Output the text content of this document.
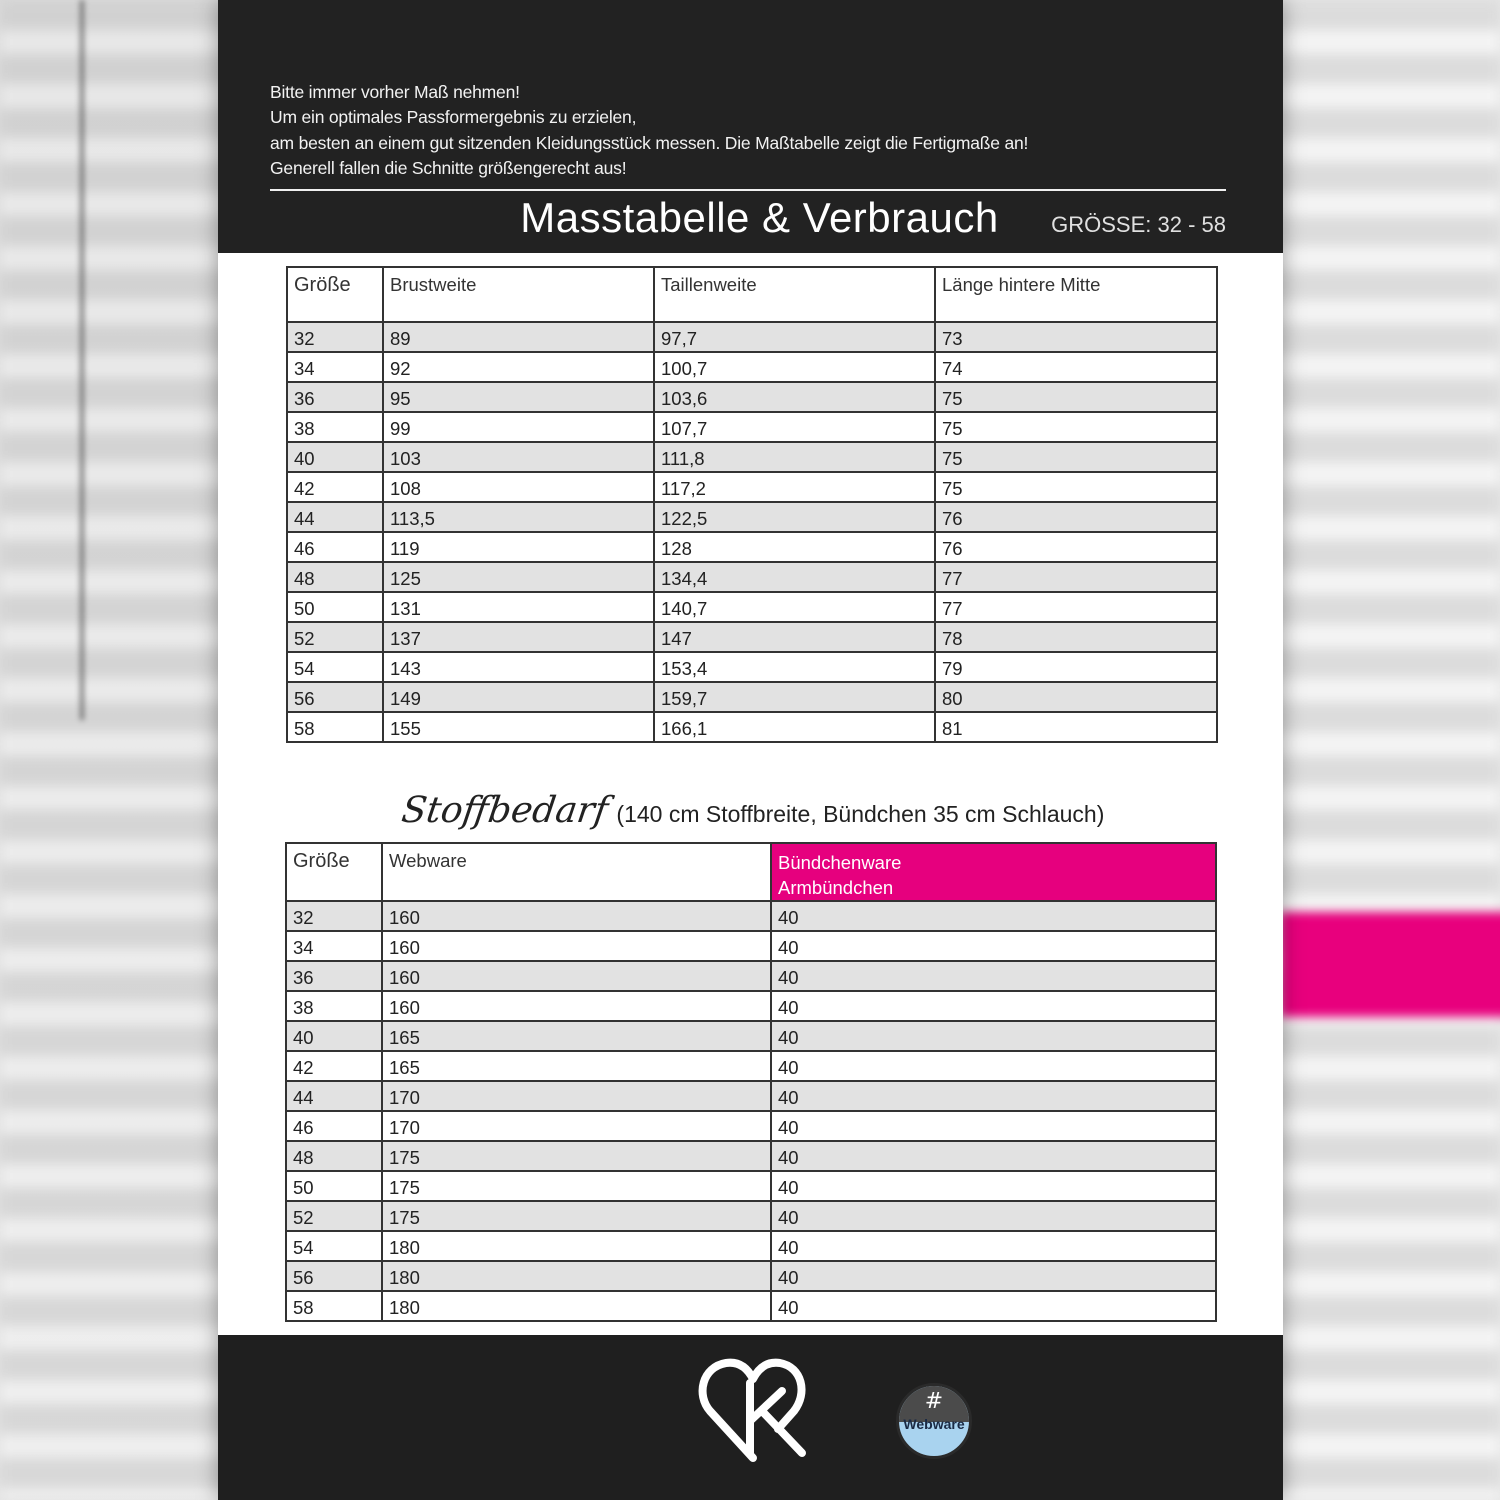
Bitte immer vorher Maß nehmen!
Um ein optimales Passformergebnis zu erzielen,
am besten an einem gut sitzenden Kleidungsstück messen. Die Maßtabelle zeigt die Fertigmaße an!
Generell fallen die Schnitte größengerecht aus!
Masstabelle & Verbrauch	GRÖSSE: 32 - 58
Größe	Brustweite	Taillenweite	Länge hintere Mitte
32	89	97,7	73
34	92	100,7	74
36	95	103,6	75
38	99	107,7	75
40	103	111,8	75
42	108	117,2	75
44	113,5	122,5	76
46	119	128	76
48	125	134,4	77
50	131	140,7	77
52	137	147	78
54	143	153,4	79
56	149	159,7	80
58	155	166,1	81
Stoffbedarf (140 cm Stoffbreite, Bündchen 35 cm Schlauch)
Größe	Webware	Bündchenware
Armbündchen

32	160	40
34	160	40
36	160	40
38	160	40
40	165	40
42	165	40
44	170	40
46	170	40
48	175	40
50	175	40
52	175	40
54	180	40
56	180	40
58	180	40
#
Webware
